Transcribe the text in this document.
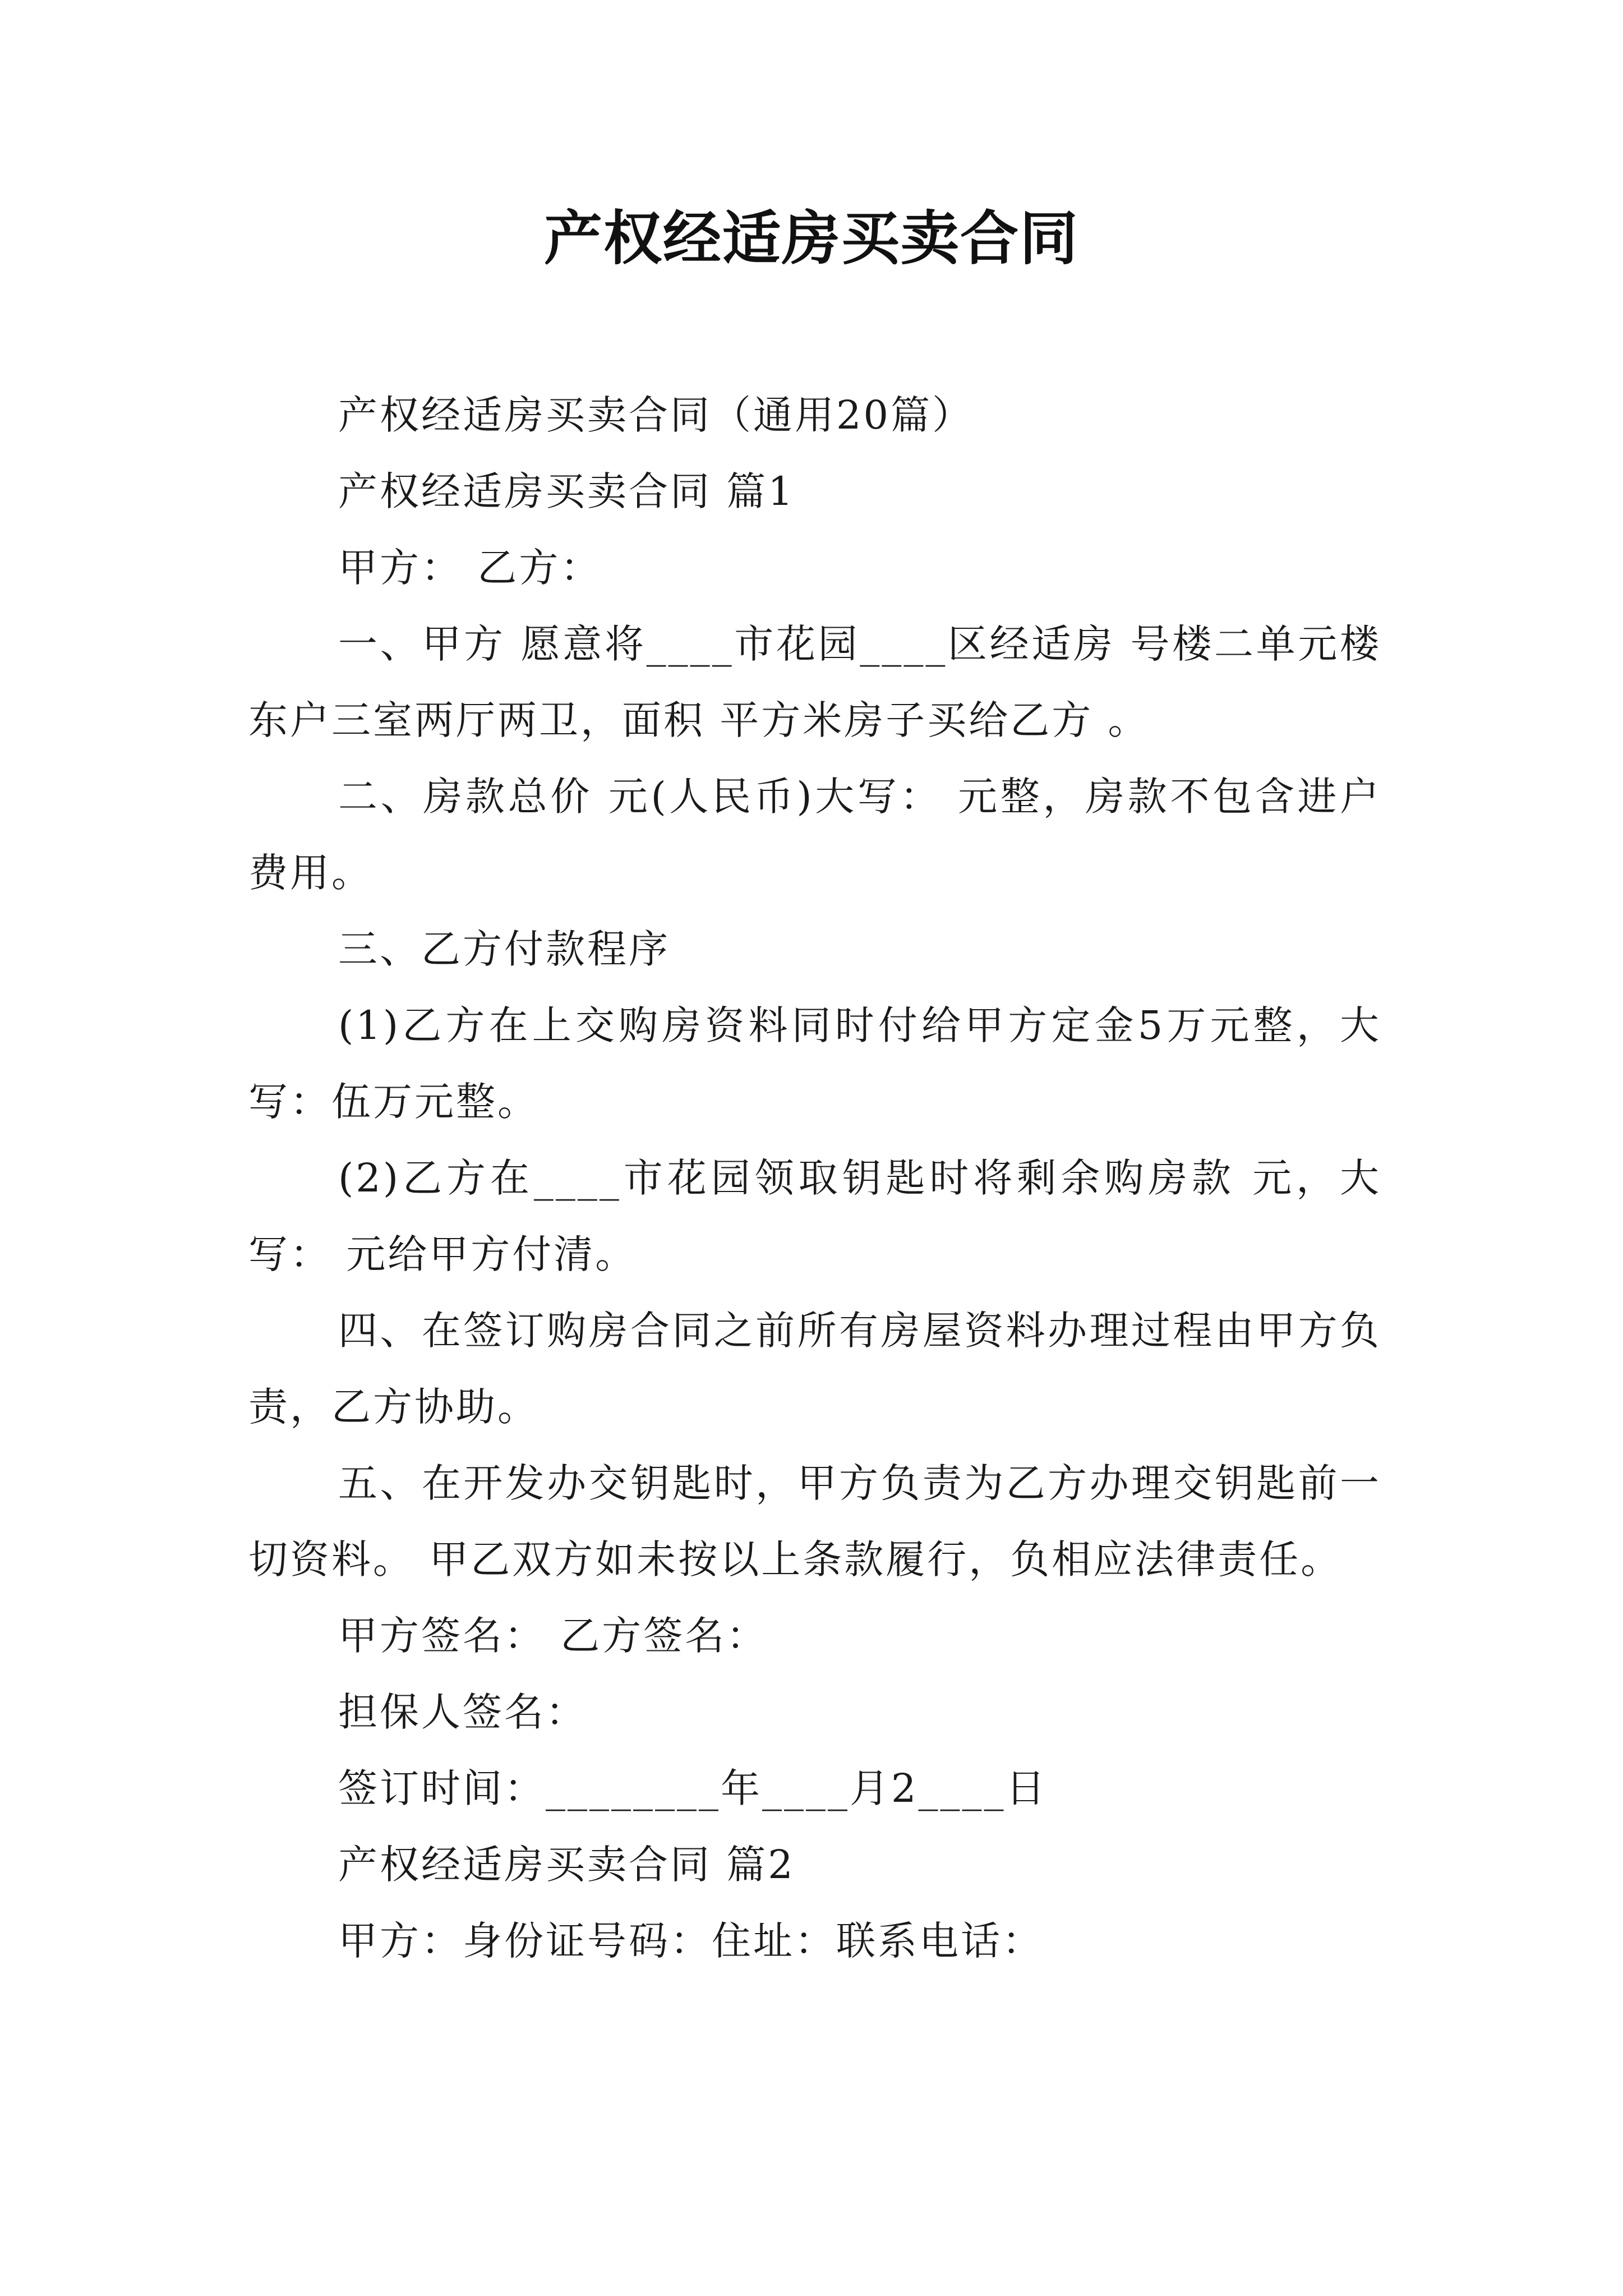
产权经适房买卖合同

产权经适房买卖合同（通用20篇）

产权经适房买卖合同 篇1

甲方： 乙方：

一、甲方 愿意将____市花园____区经适房 号楼二单元楼东户三室两厅两卫，面积 平方米房子买给乙方 。

二、房款总价 元(人民币)大写： 元整，房款不包含进户费用。

三、乙方付款程序

(1)乙方在上交购房资料同时付给甲方定金5万元整，大写：伍万元整。

(2)乙方在____市花园领取钥匙时将剩余购房款 元，大写： 元给甲方付清。

四、在签订购房合同之前所有房屋资料办理过程由甲方负责，乙方协助。

五、在开发办交钥匙时，甲方负责为乙方办理交钥匙前一切资料。 甲乙双方如未按以上条款履行，负相应法律责任。

甲方签名： 乙方签名：

担保人签名：

签订时间：________年____月2____日

产权经适房买卖合同 篇2

甲方：身份证号码：住址：联系电话：
